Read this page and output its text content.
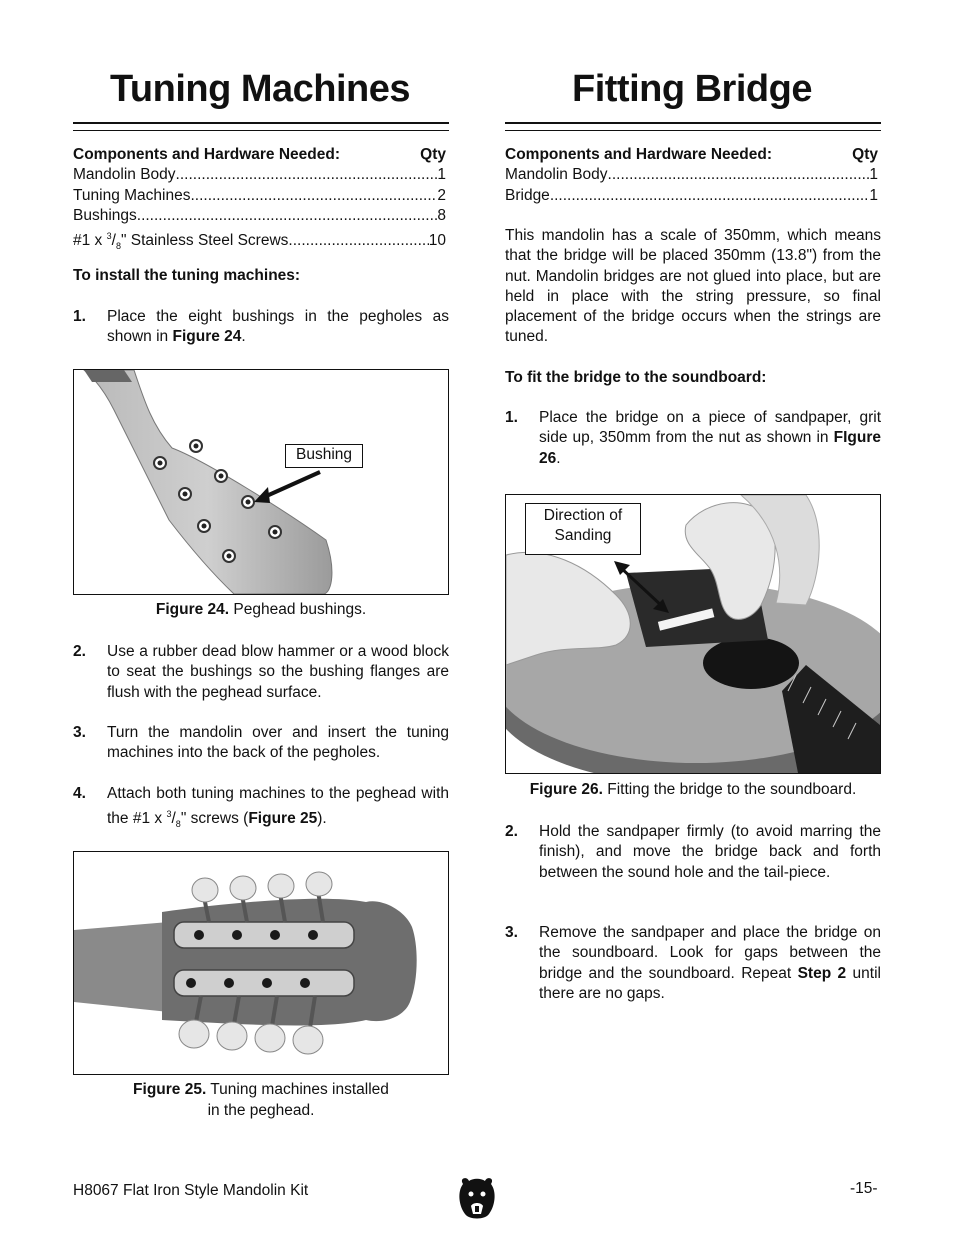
Tuning Machines
Components and Hardware Needed:	Qty
Mandolin Body .....	1
Tuning Machines .....	2
Bushings .....	8
#1 x $^3/_8$" Stainless Steel Screws .....	10
To install the tuning machines:
1. Place the eight bushings in the pegholes as shown in Figure 24.
Bushing
Figure 24. Peghead bushings.
2. Use a rubber dead blow hammer or a wood block to seat the bushings so the bushing flanges are flush with the peghead surface.
3. Turn the mandolin over and insert the tuning machines into the back of the pegholes.
4. Attach both tuning machines to the peghead with the #1 x $^3/_8$" screws (Figure 25).
Figure 25. Tuning machines installed
in the peghead.
Fitting Bridge
Components and Hardware Needed:	Qty
Mandolin Body .....	1
Bridge .....	1
This mandolin has a scale of 350mm, which means that the bridge will be placed 350mm (13.8") from the nut. Mandolin bridges are not glued into place, but are held in place with the string pressure, so final placement of the bridge occurs when the strings are tuned.
To fit the bridge to the soundboard:
1. Place the bridge on a piece of sandpaper, grit side up, 350mm from the nut as shown in FIgure 26.
Direction of
Sanding
Figure 26. Fitting the bridge to the soundboard.
2. Hold the sandpaper firmly (to avoid marring the finish), and move the bridge back and forth between the sound hole and the tail-piece.
3. Remove the sandpaper and place the bridge on the soundboard. Look for gaps between the bridge and the soundboard. Repeat Step 2 until there are no gaps.
H8067 Flat Iron Style Mandolin Kit	-15-
